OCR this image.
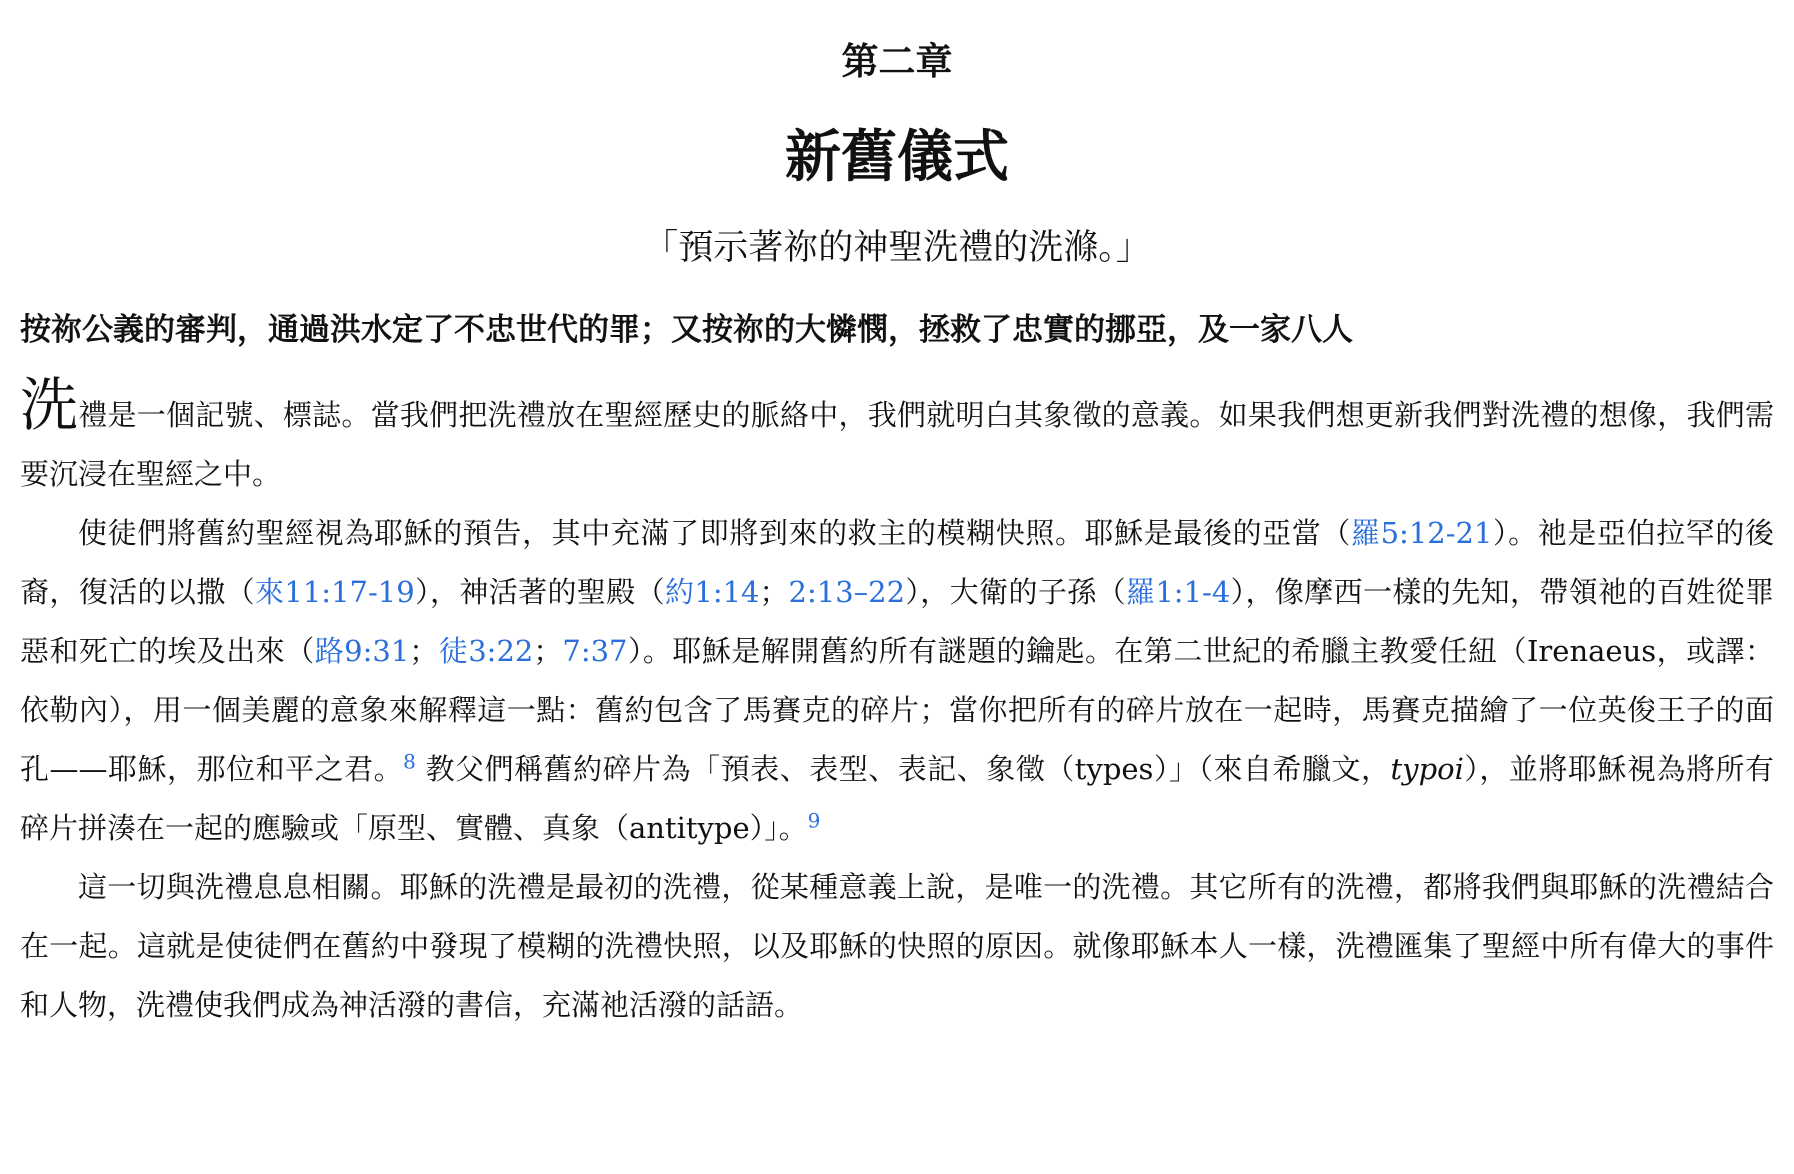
第二章
新舊儀式

「預示著祢的神聖洗禮的洗滌。」

按祢公義的審判，通過洪水定了不忠世代的罪；又按祢的大憐憫，拯救了忠實的挪亞，及一家八人

洗禮是一個記號、標誌。當我們把洗禮放在聖經歷史的脈絡中，我們就明白其象徵的意義。如果我們想更新我們對洗禮的想像，我們需要沉浸在聖經之中。

使徒們將舊約聖經視為耶穌的預告，其中充滿了即將到來的救主的模糊快照。耶穌是最後的亞當（羅5:12-21）。祂是亞伯拉罕的後裔，復活的以撒（來11:17-19），神活著的聖殿（約1:14；2:13–22），大衛的子孫（羅1:1-4），像摩西一樣的先知，帶領祂的百姓從罪惡和死亡的埃及出來（路9:31；徒3:22；7:37）。耶穌是解開舊約所有謎題的鑰匙。在第二世紀的希臘主教愛任紐（Irenaeus，或譯：依勒內），用一個美麗的意象來解釋這一點：舊約包含了馬賽克的碎片；當你把所有的碎片放在一起時，馬賽克描繪了一位英俊王子的面孔——耶穌，那位和平之君。$^8$ 教父們稱舊約碎片為「預表、表型、表記、象徵（types）」（來自希臘文，typoi），並將耶穌視為將所有碎片拼湊在一起的應驗或「原型、實體、真象（antitype）」。$^9$

這一切與洗禮息息相關。耶穌的洗禮是最初的洗禮，從某種意義上說，是唯一的洗禮。其它所有的洗禮，都將我們與耶穌的洗禮結合在一起。這就是使徒們在舊約中發現了模糊的洗禮快照，以及耶穌的快照的原因。就像耶穌本人一樣，洗禮匯集了聖經中所有偉大的事件和人物，洗禮使我們成為神活潑的書信，充滿祂活潑的話語。
